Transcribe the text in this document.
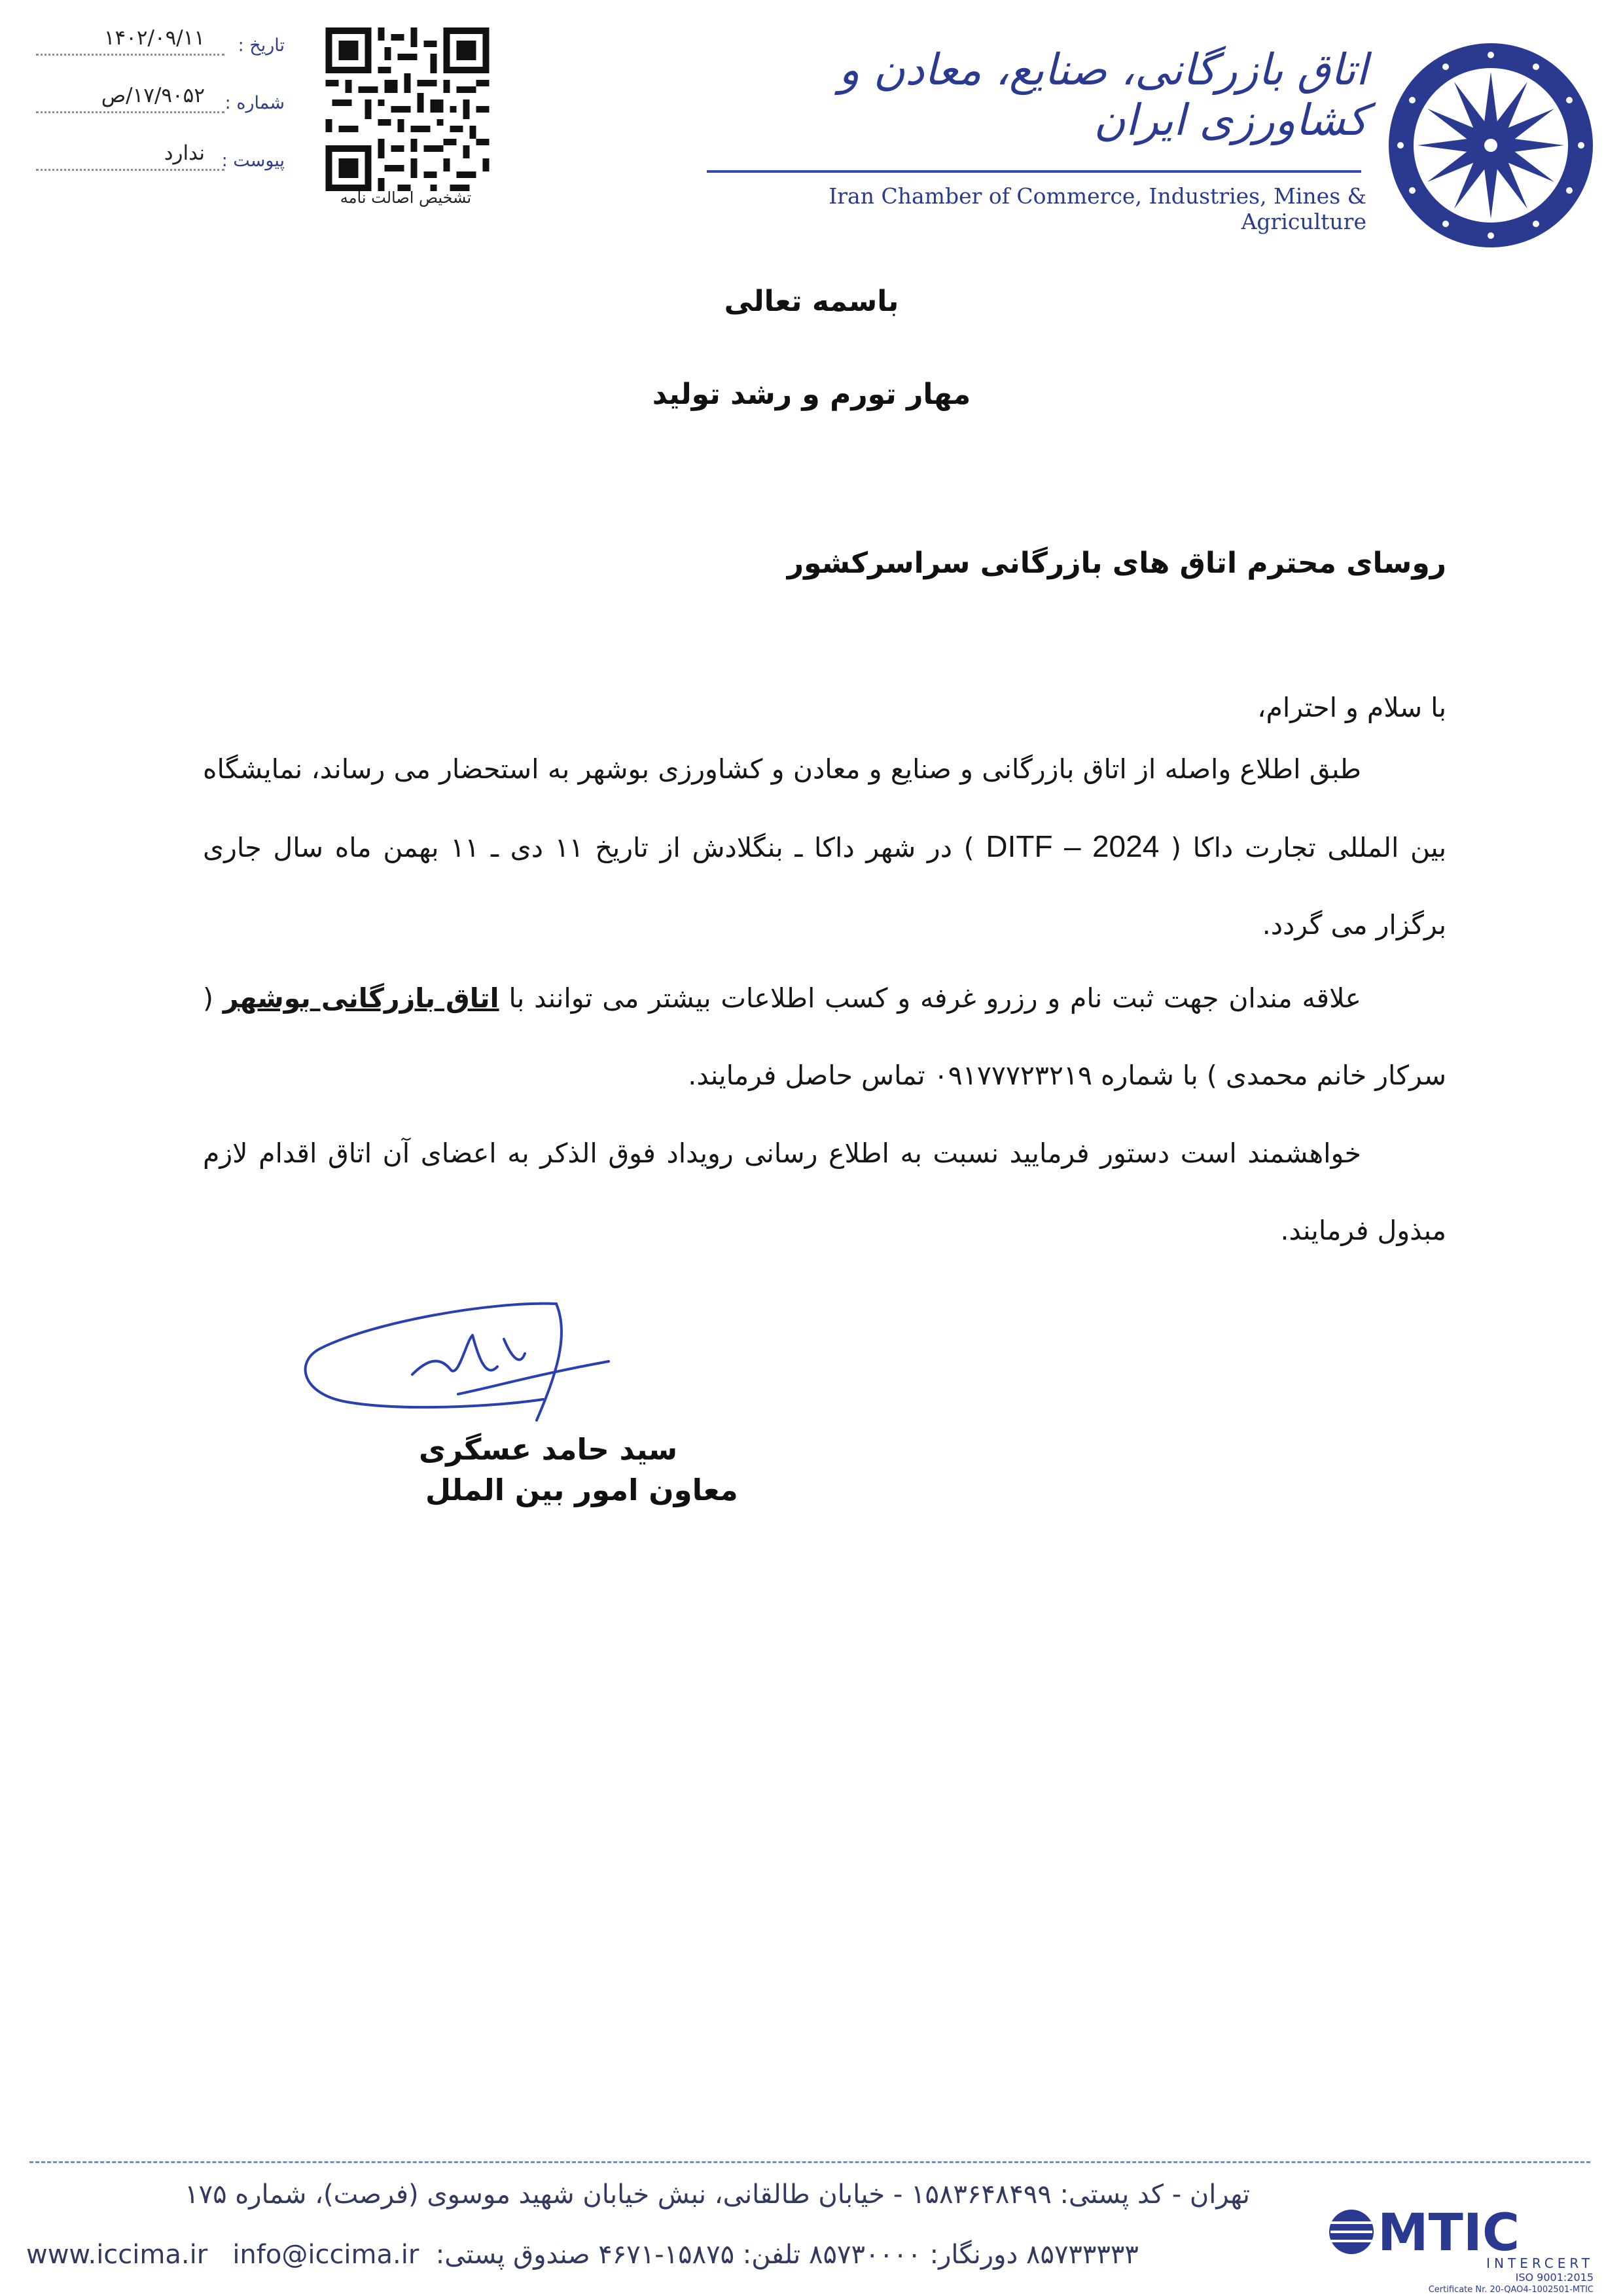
تاریخ :
۱۴۰۲/۰۹/۱۱
شماره :
۱۷/۹۰۵۲/ص
پیوست :
ندارد
تشخیص اصالت نامه
اتاق بازرگانی، صنایع، معادن و کشاورزی ایران
Iran Chamber of Commerce, Industries, Mines & Agriculture
باسمه تعالی
مهار تورم و رشد تولید
روسای محترم اتاق های بازرگانی سراسرکشور
با سلام و احترام،
طبق اطلاع واصله از اتاق بازرگانی و صنایع و معادن و کشاورزی بوشهر به استحضار می رساند، نمایشگاه بین المللی تجارت داکا ( DITF – 2024 ) در شهر داکا ـ بنگلادش از تاریخ ۱۱ دی ـ ۱۱ بهمن ماه سال جاری برگزار می گردد.
علاقه مندان جهت ثبت نام و رزرو غرفه و کسب اطلاعات بیشتر می توانند با اتاق بازرگانی بوشهر ( سرکار خانم محمدی ) با شماره ۰۹۱۷۷۷۲۳۲۱۹ تماس حاصل فرمایند.
خواهشمند است دستور فرمایید نسبت به اطلاع رسانی رویداد فوق الذکر به اعضای آن اتاق اقدام لازم مبذول فرمایند.
سید حامد عسگری
معاون امور بین الملل
تهران - کد پستی: ۱۵۸۳۶۴۸۴۹۹ - خیابان طالقانی، نبش خیابان شهید موسوی (فرصت)، شماره ۱۷۵
www.iccima.ir info@iccima.ir ۸۵۷۳۳۳۳۳ دورنگار: ۸۵۷۳۰۰۰۰ تلفن: ۱۵۸۷۵-۴۶۷۱ صندوق پستی:	MTIC
INTERCERT
ISO 9001:2015
Certificate Nr. 20-QAO4-1002501-MTIC
